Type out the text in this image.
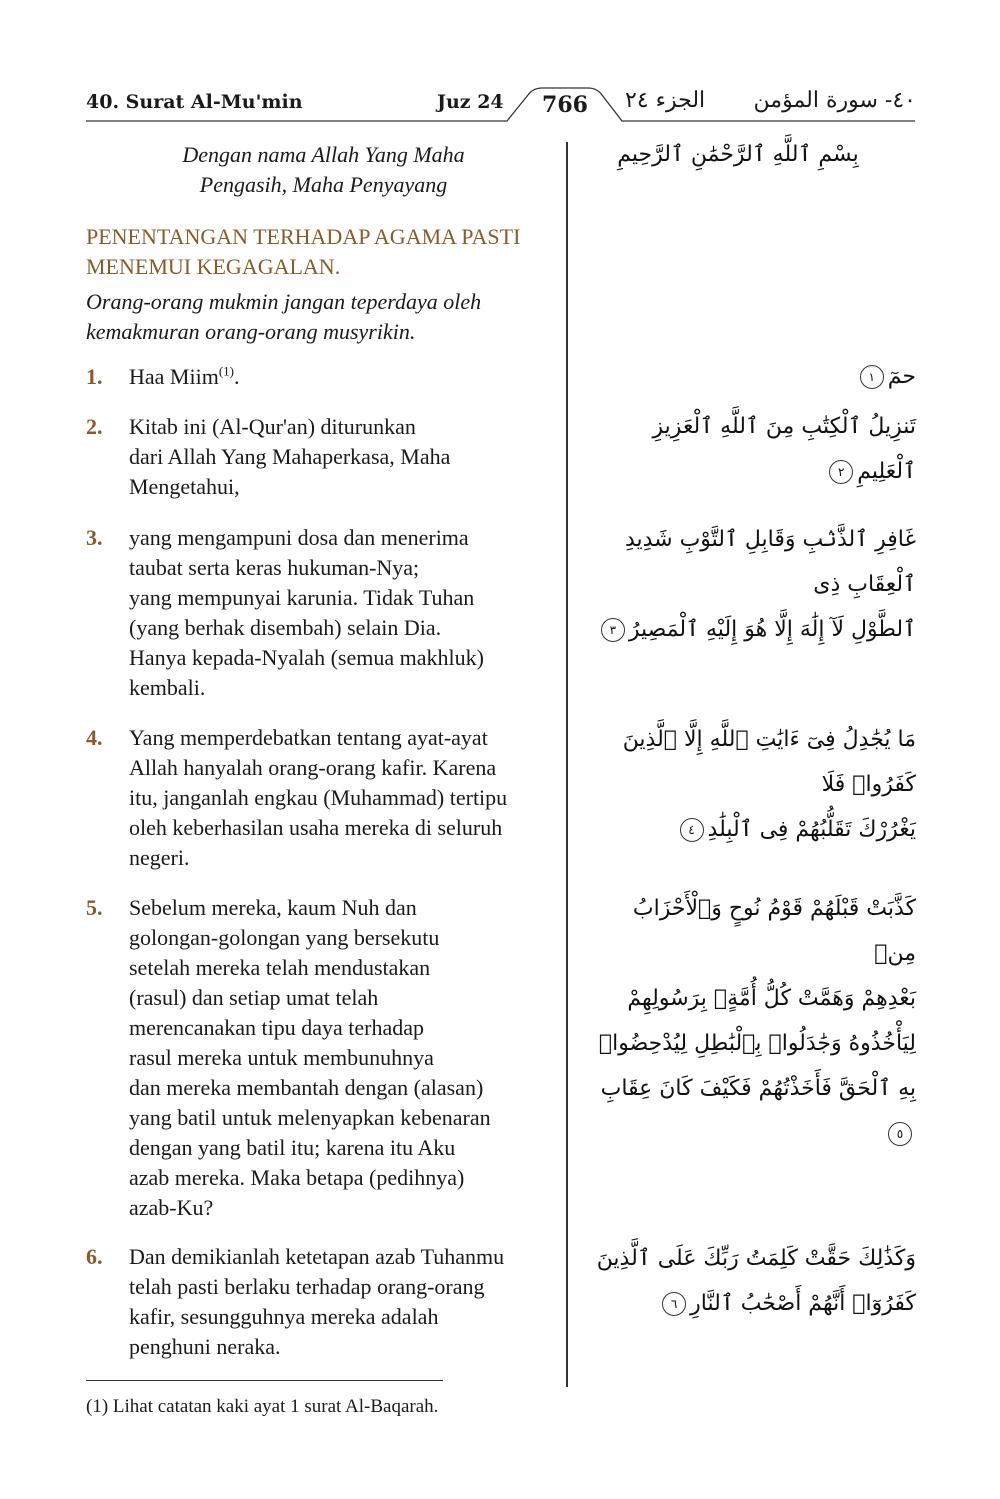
40. Surat Al-Mu'min	Juz 24	766	الجزء ٢٤ ٤٠- سورة المؤمن
Dengan nama Allah Yang Maha
Pengasih, Maha Penyayang
بِسْمِ ٱللَّهِ ٱلرَّحْمَٰنِ ٱلرَّحِيمِ
PENENTANGAN TERHADAP AGAMA PASTI
MENEMUI KEGAGALAN.
Orang-orang mukmin jangan teperdaya oleh
kemakmuran orang-orang musyrikin.
1.	Haa Miim$^{(1)}$.	حمٓ١
2.	Kitab ini (Al-Qur'an) diturunkan
dari Allah Yang Mahaperkasa, Maha
Mengetahui,
تَنزِيلُ ٱلْكِتَٰبِ مِنَ ٱللَّهِ ٱلْعَزِيزِ ٱلْعَلِيمِ٢
3.	yang mengampuni dosa dan menerima
taubat serta keras hukuman-Nya;
yang mempunyai karunia. Tidak Tuhan
(yang berhak disembah) selain Dia.
Hanya kepada-Nyalah (semua makhluk)
kembali.
غَافِرِ ٱلذَّنۢبِ وَقَابِلِ ٱلتَّوْبِ شَدِيدِ ٱلْعِقَابِ ذِى
ٱلطَّوْلِ لَآ إِلَٰهَ إِلَّا هُوَ إِلَيْهِ ٱلْمَصِيرُ٣
4.	Yang memperdebatkan tentang ayat-ayat
Allah hanyalah orang-orang kafir. Karena
itu, janganlah engkau (Muhammad) tertipu
oleh keberhasilan usaha mereka di seluruh
negeri.
مَا يُجَٰدِلُ فِىٓ ءَايَٰتِ ٱللَّهِ إِلَّا ٱلَّذِينَ كَفَرُوا۟ فَلَا
يَغْرُرْكَ تَقَلُّبُهُمْ فِى ٱلْبِلَٰدِ٤
5.	Sebelum mereka, kaum Nuh dan
golongan-golongan yang bersekutu
setelah mereka telah mendustakan
(rasul) dan setiap umat telah
merencanakan tipu daya terhadap
rasul mereka untuk membunuhnya
dan mereka membantah dengan (alasan)
yang batil untuk melenyapkan kebenaran
dengan yang batil itu; karena itu Aku
azab mereka. Maka betapa (pedihnya)
azab-Ku?
كَذَّبَتْ قَبْلَهُمْ قَوْمُ نُوحٍ وَٱلْأَحْزَابُ مِنۢ
بَعْدِهِمْ وَهَمَّتْ كُلُّ أُمَّةٍۭ بِرَسُولِهِمْ
لِيَأْخُذُوهُ وَجَٰدَلُوا۟ بِٱلْبَٰطِلِ لِيُدْحِضُوا۟
بِهِ ٱلْحَقَّ فَأَخَذْتُهُمْ فَكَيْفَ كَانَ عِقَابِ٥
6.	Dan demikianlah ketetapan azab Tuhanmu
telah pasti berlaku terhadap orang-orang
kafir, sesungguhnya mereka adalah
penghuni neraka.
وَكَذَٰلِكَ حَقَّتْ كَلِمَتُ رَبِّكَ عَلَى ٱلَّذِينَ
كَفَرُوٓا۟ أَنَّهُمْ أَصْحَٰبُ ٱلنَّارِ٦
(1) Lihat catatan kaki ayat 1 surat Al-Baqarah.
